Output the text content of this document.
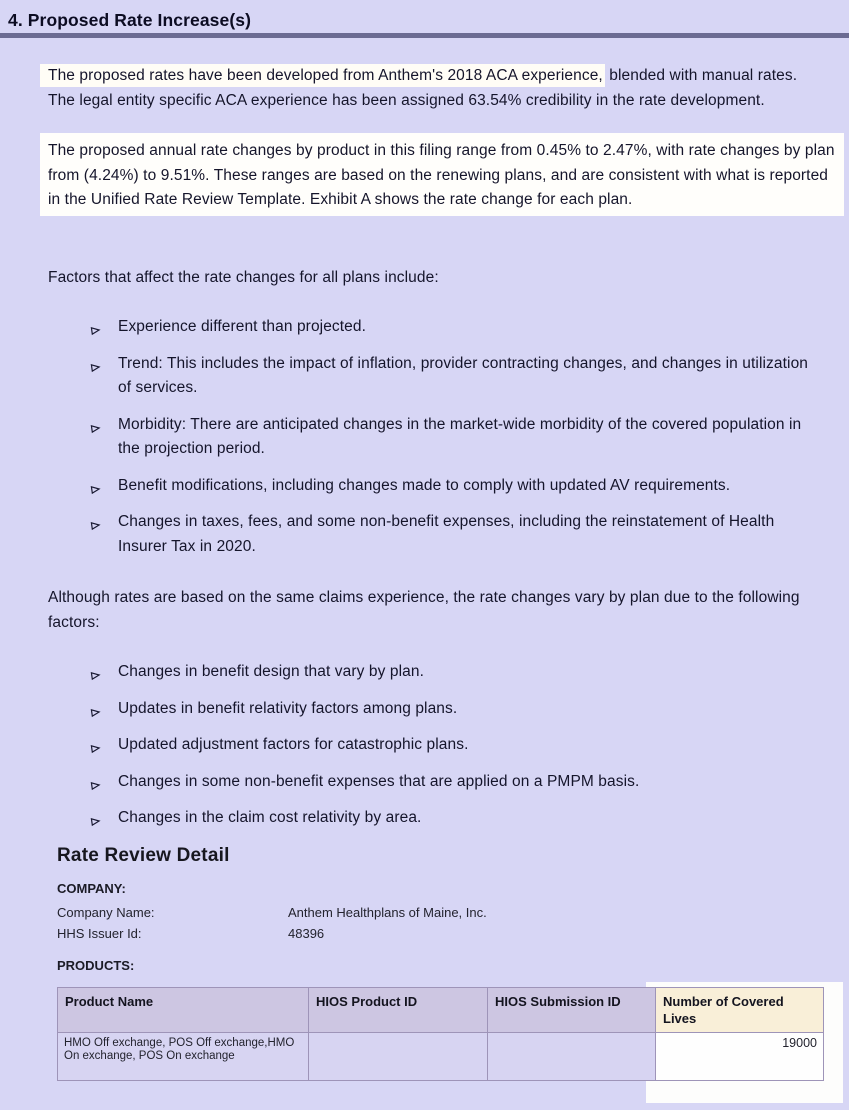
4. Proposed Rate Increase(s)
The proposed rates have been developed from Anthem's 2018 ACA experience, blended with manual rates. The legal entity specific ACA experience has been assigned 63.54% credibility in the rate development.
The proposed annual rate changes by product in this filing range from 0.45% to 2.47%, with rate changes by plan from (4.24%) to 9.51%. These ranges are based on the renewing plans, and are consistent with what is reported in the Unified Rate Review Template. Exhibit A shows the rate change for each plan.
Factors that affect the rate changes for all plans include:
Experience different than projected.
Trend: This includes the impact of inflation, provider contracting changes, and changes in utilization of services.
Morbidity: There are anticipated changes in the market-wide morbidity of the covered population in the projection period.
Benefit modifications, including changes made to comply with updated AV requirements.
Changes in taxes, fees, and some non-benefit expenses, including the reinstatement of Health Insurer Tax in 2020.
Although rates are based on the same claims experience, the rate changes vary by plan due to the following factors:
Changes in benefit design that vary by plan.
Updates in benefit relativity factors among plans.
Updated adjustment factors for catastrophic plans.
Changes in some non-benefit expenses that are applied on a PMPM basis.
Changes in the claim cost relativity by area.
Rate Review Detail
COMPANY:
Company Name:	Anthem Healthplans of Maine, Inc.
HHS Issuer Id:	48396
PRODUCTS:
Product Name	HIOS Product ID	HIOS Submission ID	Number of Covered Lives
HMO Off exchange, POS Off exchange,HMO On exchange, POS On exchange			19000
